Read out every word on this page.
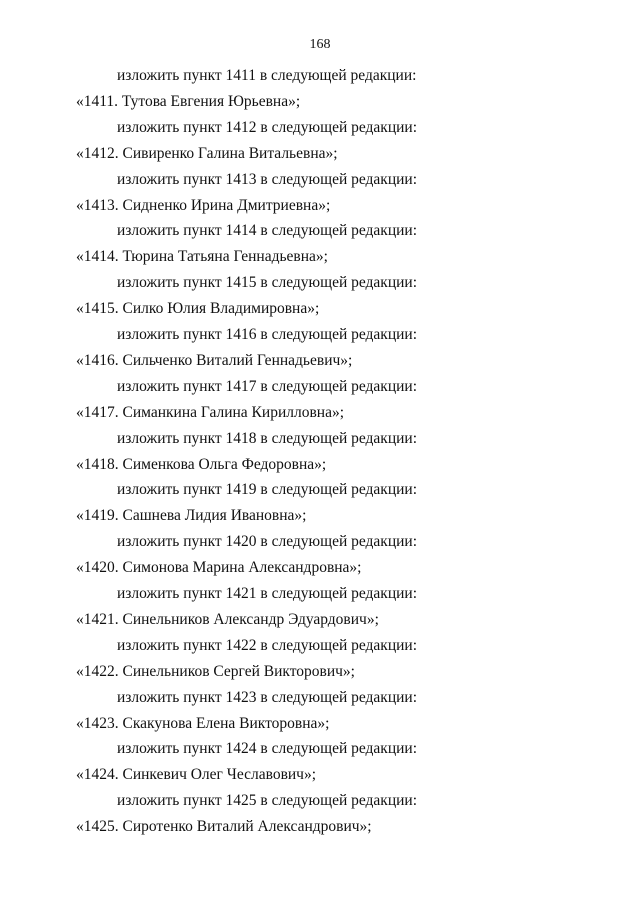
168
изложить пункт 1411 в следующей редакции:
«1411. Тутова Евгения Юрьевна»;
изложить пункт 1412 в следующей редакции:
«1412. Сивиренко Галина Витальевна»;
изложить пункт 1413 в следующей редакции:
«1413. Сидненко Ирина Дмитриевна»;
изложить пункт 1414 в следующей редакции:
«1414. Тюрина Татьяна Геннадьевна»;
изложить пункт 1415 в следующей редакции:
«1415. Силко Юлия Владимировна»;
изложить пункт 1416 в следующей редакции:
«1416. Сильченко Виталий Геннадьевич»;
изложить пункт 1417 в следующей редакции:
«1417. Симанкина Галина Кирилловна»;
изложить пункт 1418 в следующей редакции:
«1418. Сименкова Ольга Федоровна»;
изложить пункт 1419 в следующей редакции:
«1419. Сашнева Лидия Ивановна»;
изложить пункт 1420 в следующей редакции:
«1420. Симонова Марина Александровна»;
изложить пункт 1421 в следующей редакции:
«1421. Синельников Александр Эдуардович»;
изложить пункт 1422 в следующей редакции:
«1422. Синельников Сергей Викторович»;
изложить пункт 1423 в следующей редакции:
«1423. Скакунова Елена Викторовна»;
изложить пункт 1424 в следующей редакции:
«1424. Синкевич Олег Чеславович»;
изложить пункт 1425 в следующей редакции:
«1425. Сиротенко Виталий Александрович»;
